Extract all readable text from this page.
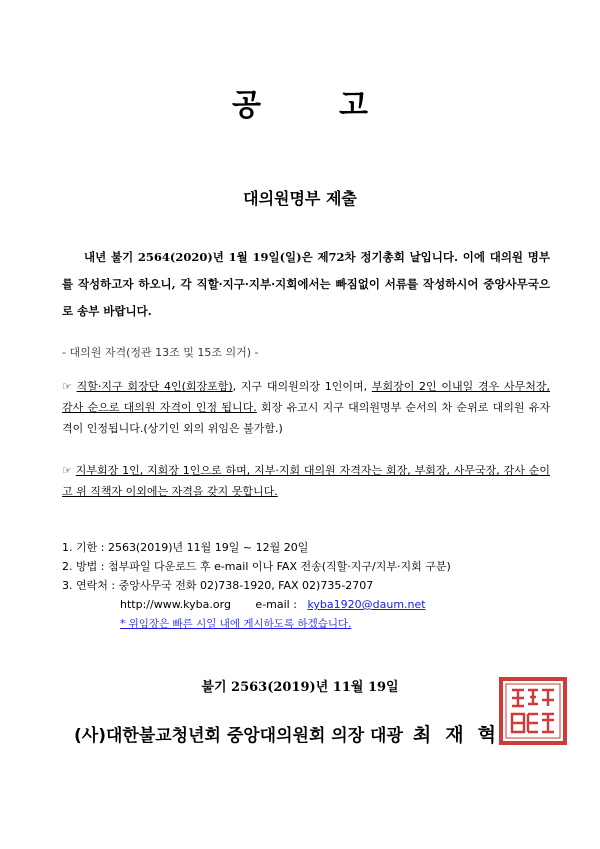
공	고
대의원명부 제출
내년 불기 2564(2020)년 1월 19일(일)은 제72차 정기총회 날입니다. 이에 대의원 명부를 작성하고자 하오니, 각 직할·지구·지부·지회에서는 빠짐없이 서류를 작성하시어 중앙사무국으로 송부 바랍니다.
- 대의원 자격(정관 13조 및 15조 의거) -
☞ 직할·지구 회장단 4인(회장포함), 지구 대의원의장 1인이며, 부회장이 2인 이내일 경우 사무처장, 감사 순으로 대의원 자격이 인정 됩니다. 회장 유고시 지구 대의원명부 순서의 차 순위로 대의원 유자격이 인정됩니다.(상기인 외의 위임은 불가함.)
☞ 지부회장 1인, 지회장 1인으로 하며, 지부·지회 대의원 자격자는 회장, 부회장, 사무국장, 감사 순이고 위 직책자 이외에는 자격을 갖지 못합니다.
1. 기한 : 2563(2019)년 11월 19일 ~ 12월 20일
2. 방법 : 첨부파일 다운로드 후 e-mail 이나 FAX 전송(직할·지구/지부·지회 구분)
3. 연락처 : 중앙사무국 전화 02)738-1920, FAX 02)735-2707
http://www.kyba.org e-mail : kyba1920@daum.net
* 위임장은 빠른 시일 내에 게시하도록 하겠습니다.
불기 2563(2019)년 11월 19일
(사)대한불교청년회 중앙대의원회 의장 대광 최재혁
